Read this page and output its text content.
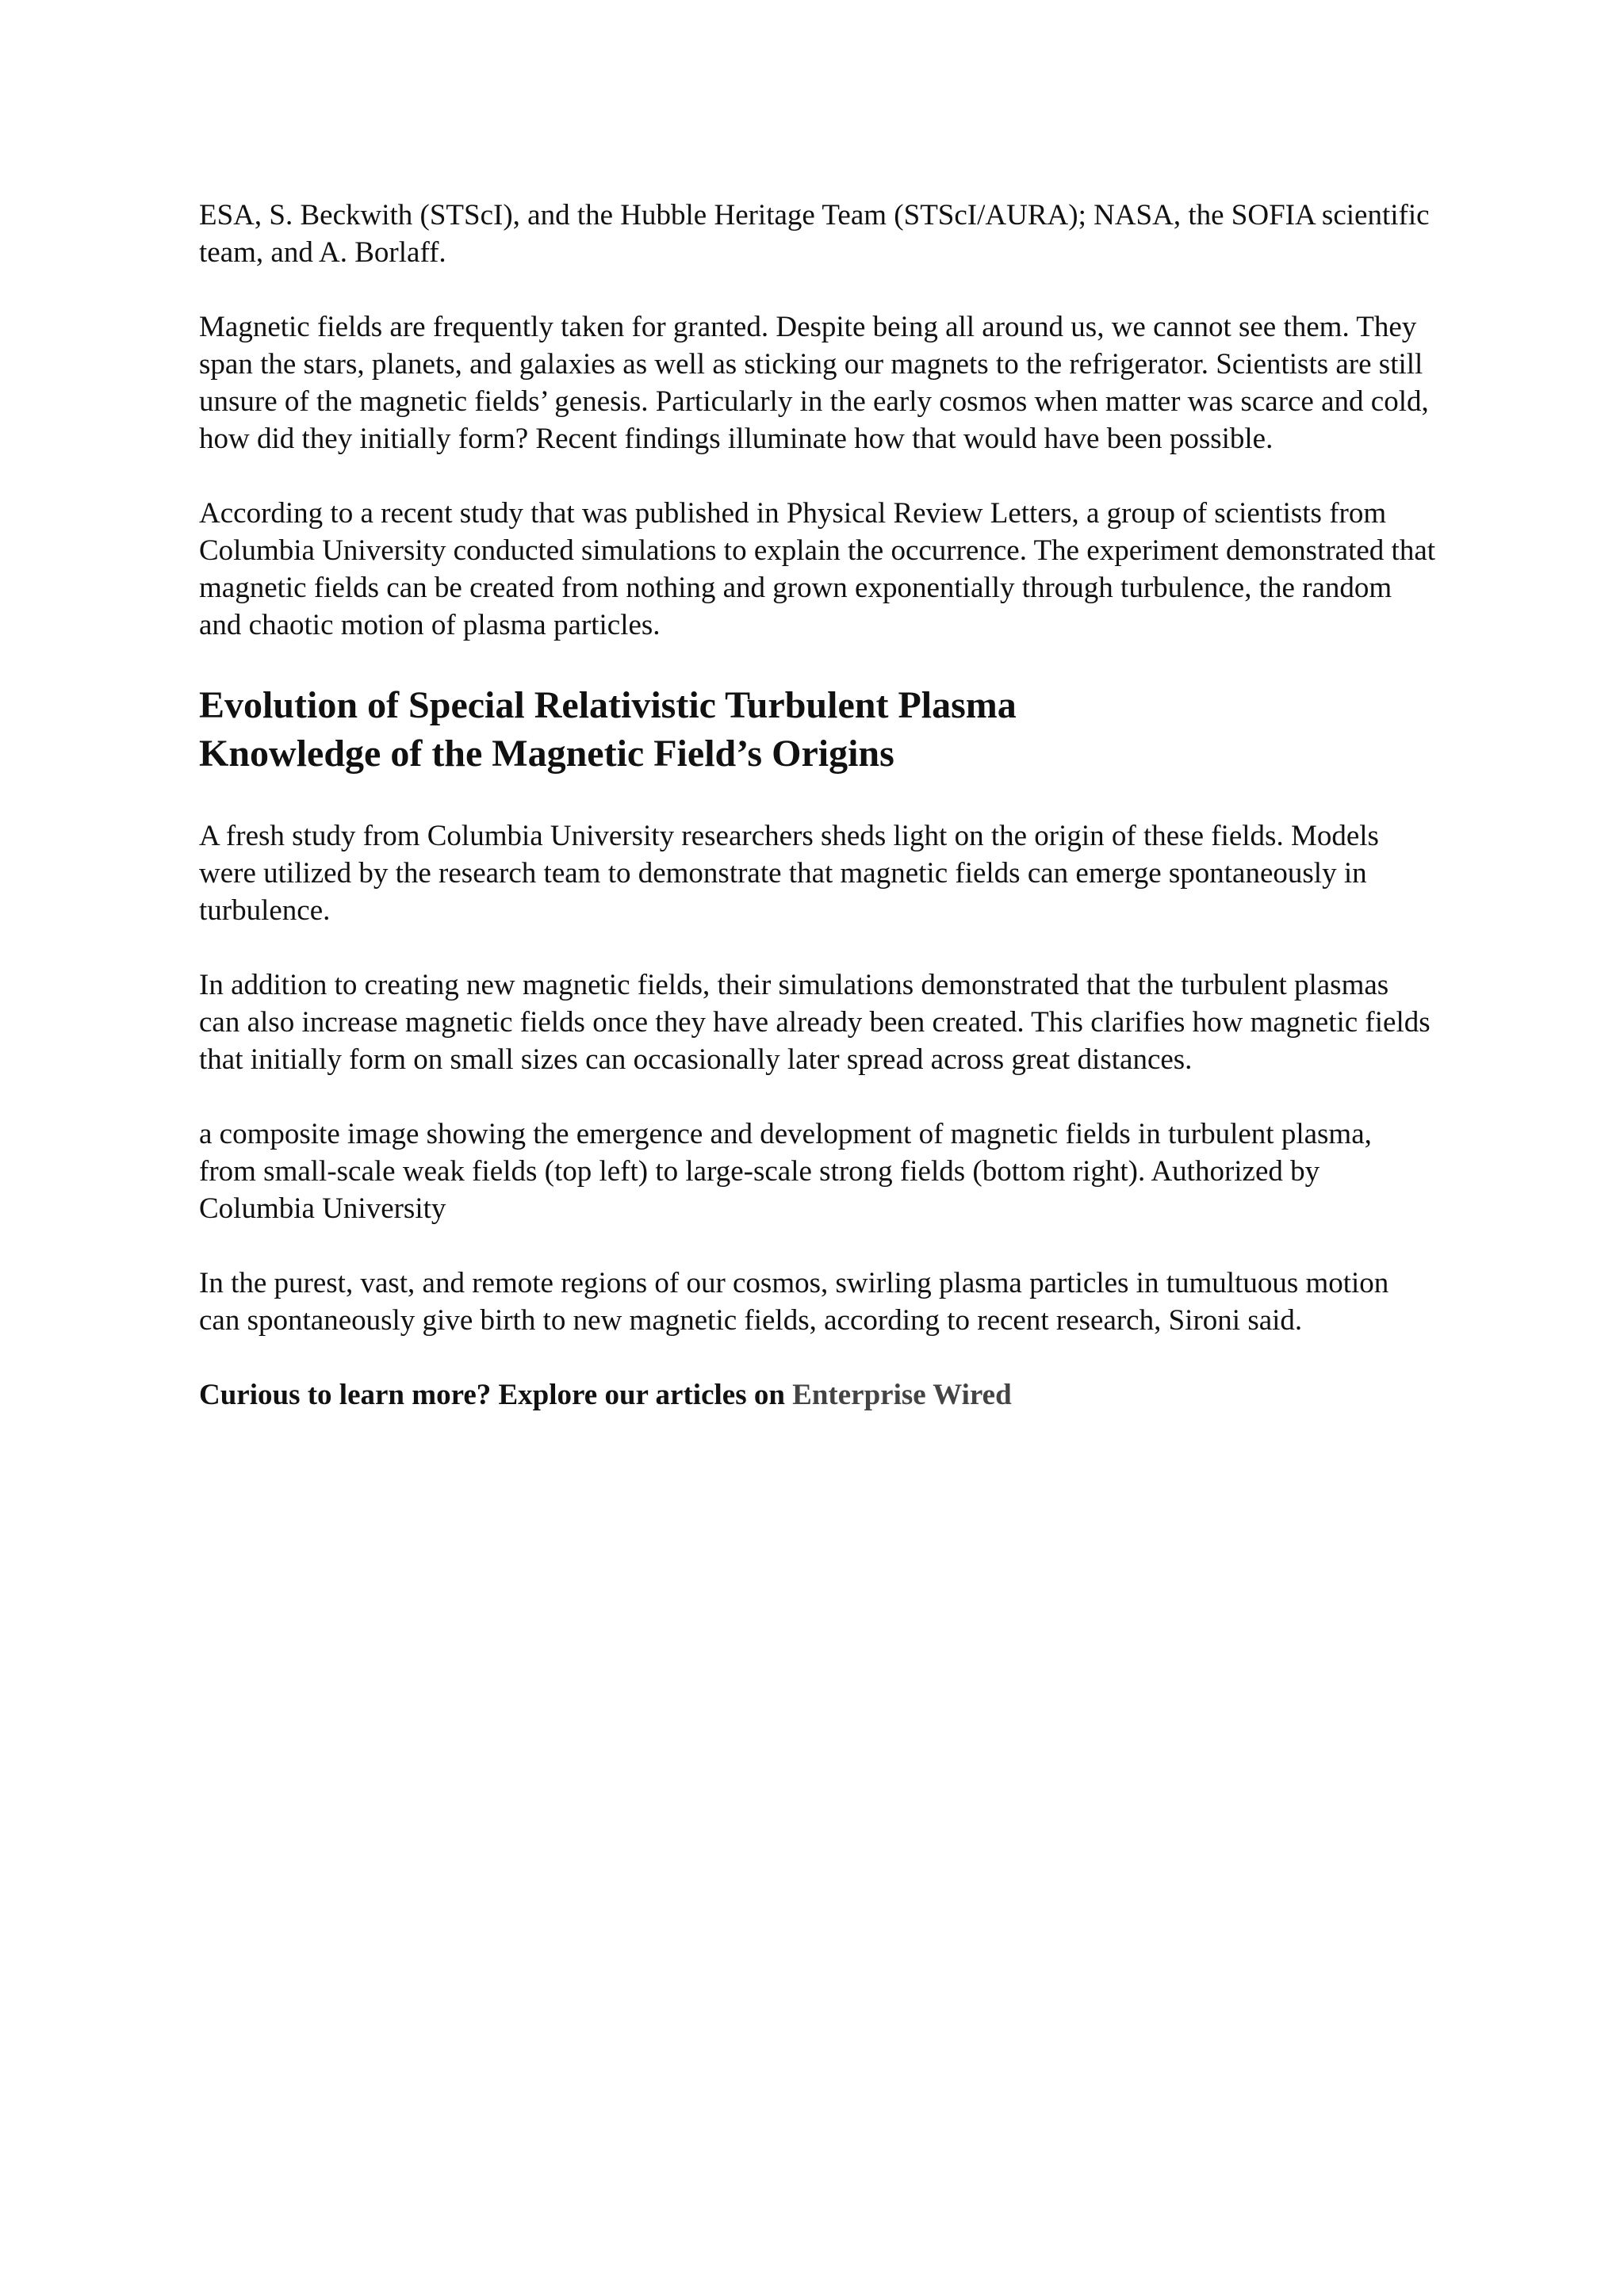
ESA, S. Beckwith (STScI), and the Hubble Heritage Team (STScI/AURA); NASA, the SOFIA scientific team, and A. Borlaff.

Magnetic fields are frequently taken for granted. Despite being all around us, we cannot see them. They span the stars, planets, and galaxies as well as sticking our magnets to the refrigerator. Scientists are still unsure of the magnetic fields’ genesis. Particularly in the early cosmos when matter was scarce and cold, how did they initially form? Recent findings illuminate how that would have been possible.

According to a recent study that was published in Physical Review Letters, a group of scientists from Columbia University conducted simulations to explain the occurrence. The experiment demonstrated that magnetic fields can be created from nothing and grown exponentially through turbulence, the random and chaotic motion of plasma particles.

Evolution of Special Relativistic Turbulent Plasma
Knowledge of the Magnetic Field’s Origins

A fresh study from Columbia University researchers sheds light on the origin of these fields. Models were utilized by the research team to demonstrate that magnetic fields can emerge spontaneously in turbulence.

In addition to creating new magnetic fields, their simulations demonstrated that the turbulent plasmas can also increase magnetic fields once they have already been created. This clarifies how magnetic fields that initially form on small sizes can occasionally later spread across great distances.

a composite image showing the emergence and development of magnetic fields in turbulent plasma, from small-scale weak fields (top left) to large-scale strong fields (bottom right). Authorized by Columbia University

In the purest, vast, and remote regions of our cosmos, swirling plasma particles in tumultuous motion can spontaneously give birth to new magnetic fields, according to recent research, Sironi said.

Curious to learn more? Explore our articles on Enterprise Wired
